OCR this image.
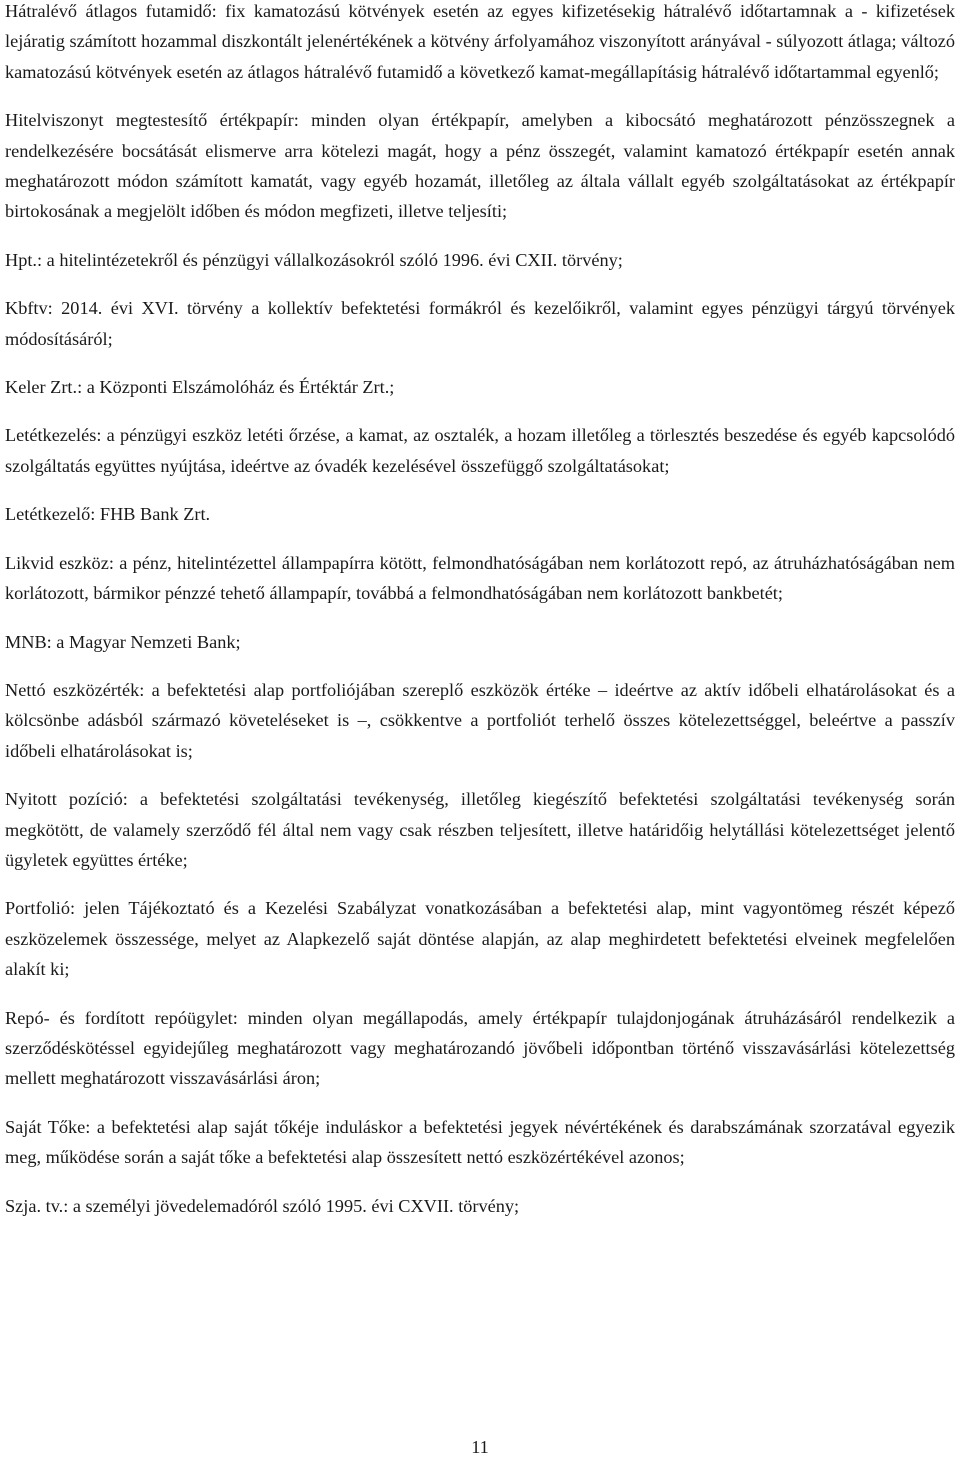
Hátralévő átlagos futamidő: fix kamatozású kötvények esetén az egyes kifizetésekig hátralévő időtartamnak a - kifizetések lejáratig számított hozammal diszkontált jelenértékének a kötvény árfolyamához viszonyított arányával - súlyozott átlaga; változó kamatozású kötvények esetén az átlagos hátralévő futamidő a következő kamat-megállapításig hátralévő időtartammal egyenlő;

Hitelviszonyt megtestesítő értékpapír: minden olyan értékpapír, amelyben a kibocsátó meghatározott pénzösszegnek a rendelkezésére bocsátását elismerve arra kötelezi magát, hogy a pénz összegét, valamint kamatozó értékpapír esetén annak meghatározott módon számított kamatát, vagy egyéb hozamát, illetőleg az általa vállalt egyéb szolgáltatásokat az értékpapír birtokosának a megjelölt időben és módon megfizeti, illetve teljesíti;

Hpt.: a hitelintézetekről és pénzügyi vállalkozásokról szóló 1996. évi CXII. törvény;

Kbftv: 2014. évi XVI. törvény a kollektív befektetési formákról és kezelőikről, valamint egyes pénzügyi tárgyú törvények módosításáról;

Keler Zrt.: a Központi Elszámolóház és Értéktár Zrt.;

Letétkezelés: a pénzügyi eszköz letéti őrzése, a kamat, az osztalék, a hozam illetőleg a törlesztés beszedése és egyéb kapcsolódó szolgáltatás együttes nyújtása, ideértve az óvadék kezelésével összefüggő szolgáltatásokat;

Letétkezelő: FHB Bank Zrt.

Likvid eszköz: a pénz, hitelintézettel állampapírra kötött, felmondhatóságában nem korlátozott repó, az átruházhatóságában nem korlátozott, bármikor pénzzé tehető állampapír, továbbá a felmondhatóságában nem korlátozott bankbetét;

MNB: a Magyar Nemzeti Bank;

Nettó eszközérték: a befektetési alap portfoliójában szereplő eszközök értéke – ideértve az aktív időbeli elhatárolásokat és a kölcsönbe adásból származó követeléseket is –, csökkentve a portfoliót terhelő összes kötelezettséggel, beleértve a passzív időbeli elhatárolásokat is;

Nyitott pozíció: a befektetési szolgáltatási tevékenység, illetőleg kiegészítő befektetési szolgáltatási tevékenység során megkötött, de valamely szerződő fél által nem vagy csak részben teljesített, illetve határidőig helytállási kötelezettséget jelentő ügyletek együttes értéke;

Portfolió: jelen Tájékoztató és a Kezelési Szabályzat vonatkozásában a befektetési alap, mint vagyontömeg részét képező eszközelemek összessége, melyet az Alapkezelő saját döntése alapján, az alap meghirdetett befektetési elveinek megfelelően alakít ki;

Repó- és fordított repóügylet: minden olyan megállapodás, amely értékpapír tulajdonjogának átruházásáról rendelkezik a szerződéskötéssel egyidejűleg meghatározott vagy meghatározandó jövőbeli időpontban történő visszavásárlási kötelezettség mellett meghatározott visszavásárlási áron;

Saját Tőke: a befektetési alap saját tőkéje induláskor a befektetési jegyek névértékének és darabszámának szorzatával egyezik meg, működése során a saját tőke a befektetési alap összesített nettó eszközértékével azonos;

Szja. tv.: a személyi jövedelemadóról szóló 1995. évi CXVII. törvény;

11
